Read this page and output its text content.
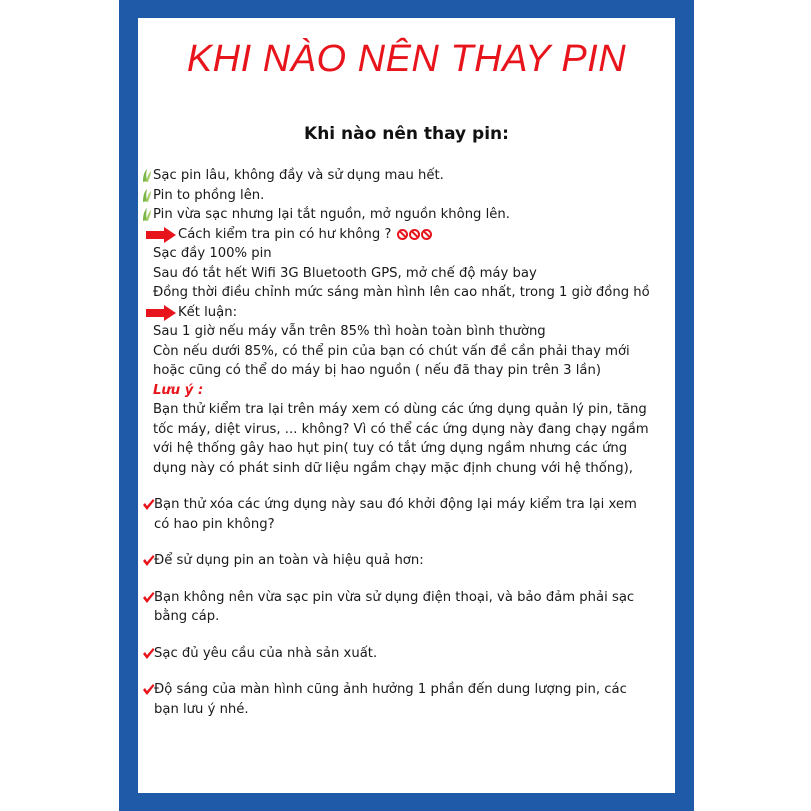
KHI NÀO NÊN THAY PIN
Khi nào nên thay pin:
Sạc pin lâu, không đầy và sử dụng mau hết.
Pin to phồng lên.
Pin vừa sạc nhưng lại tắt nguồn, mở nguồn không lên.
Cách kiểm tra pin có hư không ?
Sạc đầy 100% pin
Sau đó tắt hết Wifi 3G Bluetooth GPS, mở chế độ máy bay
Đồng thời điều chỉnh mức sáng màn hình lên cao nhất, trong 1 giờ đồng hồ
Kết luận:
Sau 1 giờ nếu máy vẫn trên 85% thì hoàn toàn bình thường
Còn nếu dưới 85%, có thể pin của bạn có chút vấn đề cần phải thay mới
hoặc cũng có thể do máy bị hao nguồn ( nếu đã thay pin trên 3 lần)
Lưu ý :
Bạn thử kiểm tra lại trên máy xem có dùng các ứng dụng quản lý pin, tăng
tốc máy, diệt virus, ... không? Vì có thể các ứng dụng này đang chạy ngầm
với hệ thống gây hao hụt pin( tuy có tắt ứng dụng ngầm nhưng các ứng
dụng này có phát sinh dữ liệu ngầm chạy mặc định chung với hệ thống),
Bạn thử xóa các ứng dụng này sau đó khởi động lại máy kiểm tra lại xem
có hao pin không?
Để sử dụng pin an toàn và hiệu quả hơn:
Bạn không nên vừa sạc pin vừa sử dụng điện thoại, và bảo đảm phải sạc
bằng cáp.
Sạc đủ yêu cầu của nhà sản xuất.
Độ sáng của màn hình cũng ảnh hưởng 1 phần đến dung lượng pin, các
bạn lưu ý nhé.
